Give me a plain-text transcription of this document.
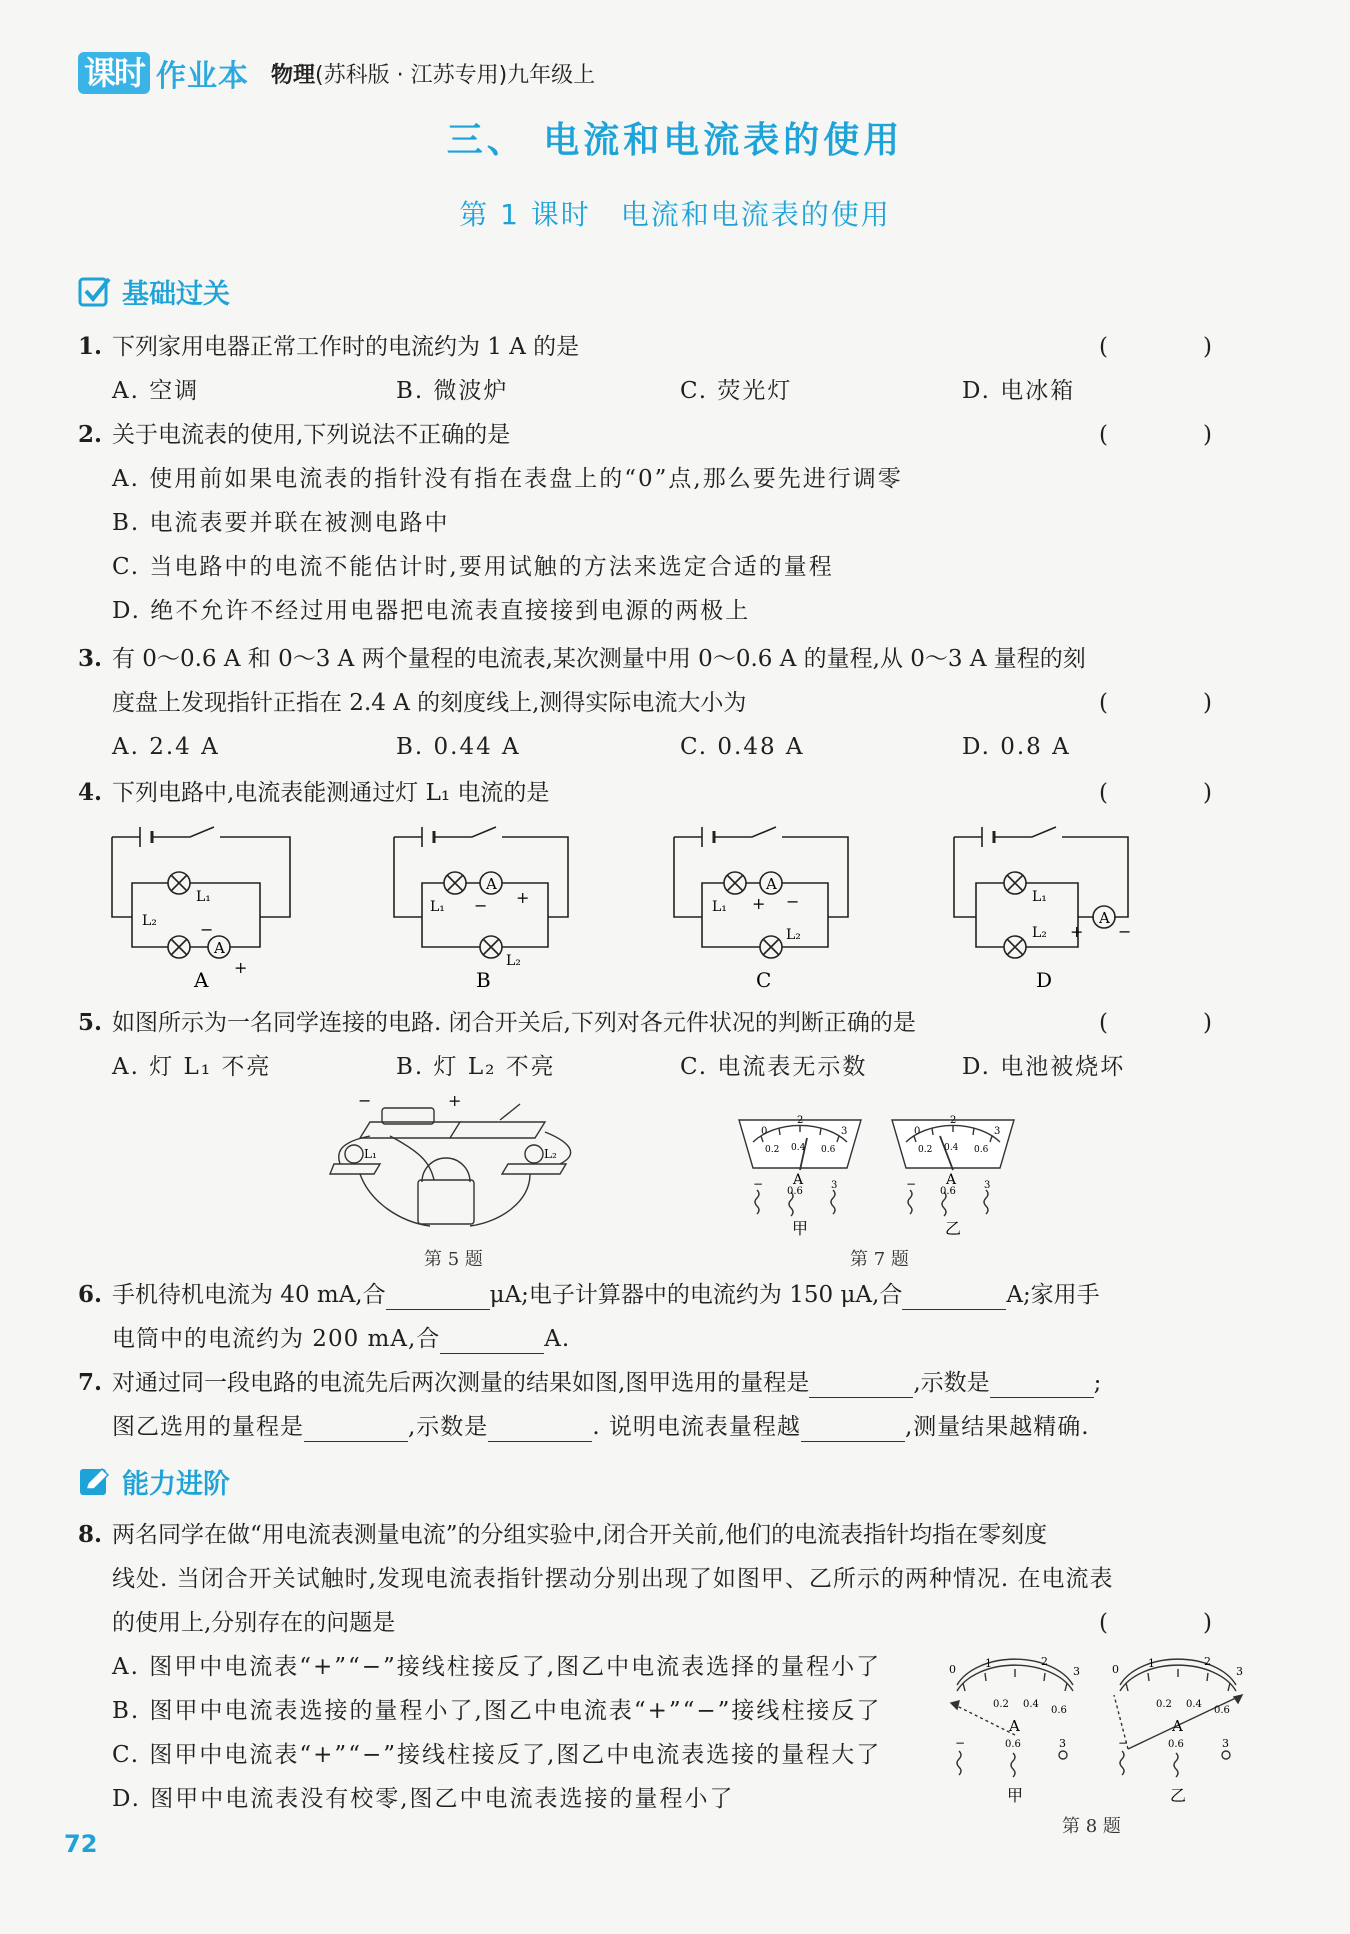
课时 作业本 物理(苏科版 · 江苏专用)九年级上
三、 电流和电流表的使用
第 1 课时　电流和电流表的使用
基础过关
1. 下列家用电器正常工作时的电流约为 1 A 的是	(　)
A. 空调	B. 微波炉	C. 荧光灯	D. 电冰箱
2. 关于电流表的使用,下列说法不正确的是	(　)
A. 使用前如果电流表的指针没有指在表盘上的“0”点,那么要先进行调零
B. 电流表要并联在被测电路中
C. 当电路中的电流不能估计时,要用试触的方法来选定合适的量程
D. 绝不允许不经过用电器把电流表直接接到电源的两极上
3. 有 0～0.6 A 和 0～3 A 两个量程的电流表,某次测量中用 0～0.6 A 的量程,从 0～3 A 量程的刻
度盘上发现指针正指在 2.4 A 的刻度线上,测得实际电流大小为	(　)
A. 2.4 A	B. 0.44 A	C. 0.48 A	D. 0.8 A
4. 下列电路中,电流表能测通过灯 L₁ 电流的是	(　)
A
L₁
L₂
+
−
A
A
L₁
L₂
− +
B
A
L₁
L₂
+ −
C
A
L₁
L₂ + −
D
5. 如图所示为一名同学连接的电路. 闭合开关后,下列对各元件状况的判断正确的是	(　)
A. 灯 L₁ 不亮	B. 灯 L₂ 不亮	C. 电流表无示数	D. 电池被烧坏
−	+
L₁	L₂
第 5 题
0
2
3
0.2 0.4 0.6
A
−
0.6
3
甲
0
2
3
0.2 0.4 0.6
A
−
0.6
3
乙
第 7 题
6. 手机待机电流为 40 mA,合	μA;电子计算器中的电流约为 150 μA,合	A;家用手
电筒中的电流约为 200 mA,合	A.
7. 对通过同一段电路的电流先后两次测量的结果如图,图甲选用的量程是	,示数是	;
图乙选用的量程是	,示数是	. 说明电流表量程越	,测量结果越精确.
能力进阶
8. 两名同学在做“用电流表测量电流”的分组实验中,闭合开关前,他们的电流表指针均指在零刻度
线处. 当闭合开关试触时,发现电流表指针摆动分别出现了如图甲、乙所示的两种情况. 在电流表
的使用上,分别存在的问题是	(　)
A. 图甲中电流表“+”“−”接线柱接反了,图乙中电流表选择的量程小了
B. 图甲中电流表选接的量程小了,图乙中电流表“+”“−”接线柱接反了
C. 图甲中电流表“+”“−”接线柱接反了,图乙中电流表选接的量程大了
D. 图甲中电流表没有校零,图乙中电流表选接的量程小了
0	1	2
3
0.2 0.4
0.6
A
−	0.6	3
甲
0	1	2
3
0.2 0.4
0.6
A
−	0.6	3
乙
第 8 题
72
